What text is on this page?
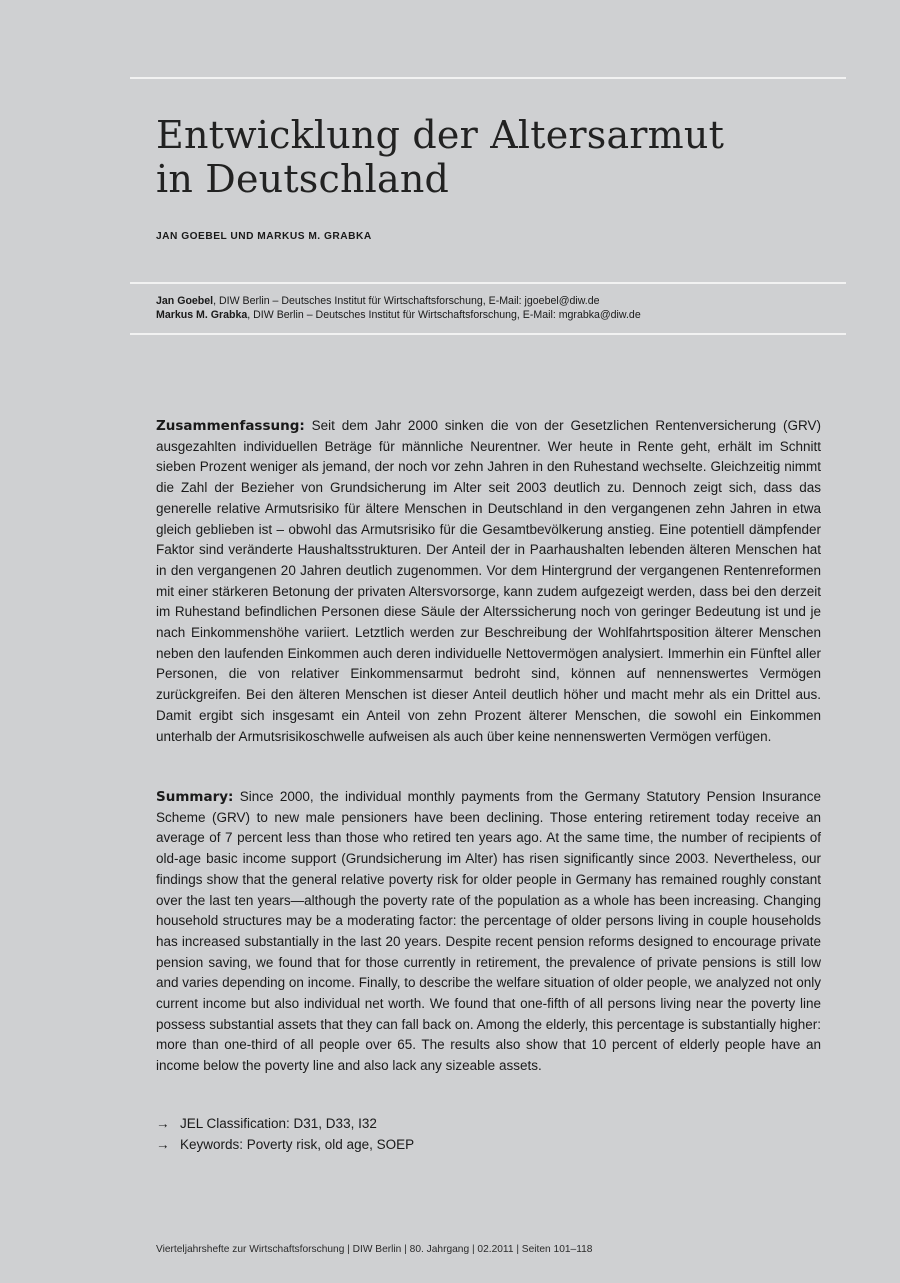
Entwicklung der Altersarmut
in Deutschland
JAN GOEBEL UND MARKUS M. GRABKA
Jan Goebel, DIW Berlin – Deutsches Institut für Wirtschaftsforschung, E-Mail: jgoebel@diw.de
Markus M. Grabka, DIW Berlin – Deutsches Institut für Wirtschaftsforschung, E-Mail: mgrabka@diw.de

Zusammenfassung: Seit dem Jahr 2000 sinken die von der Gesetzlichen Rentenversicherung (GRV) ausgezahlten individuellen Beträge für männliche Neurentner. Wer heute in Rente geht, erhält im Schnitt sieben Prozent weniger als jemand, der noch vor zehn Jahren in den Ruhestand wechselte. Gleichzeitig nimmt die Zahl der Bezieher von Grundsicherung im Alter seit 2003 deutlich zu. Dennoch zeigt sich, dass das generelle relative Armutsrisiko für ältere Menschen in Deutschland in den vergangenen zehn Jahren in etwa gleich geblieben ist – obwohl das Armutsrisiko für die Gesamtbevölkerung anstieg. Eine potentiell dämpfender Faktor sind veränderte Haushaltsstrukturen. Der Anteil der in Paarhaushalten lebenden älteren Menschen hat in den vergangenen 20 Jahren deutlich zugenommen. Vor dem Hintergrund der vergangenen Rentenreformen mit einer stärkeren Betonung der privaten Altersvorsorge, kann zudem aufgezeigt werden, dass bei den derzeit im Ruhestand befindlichen Personen diese Säule der Alterssicherung noch von geringer Bedeutung ist und je nach Einkommenshöhe variiert. Letztlich werden zur Beschreibung der Wohlfahrtsposition älterer Menschen neben den laufenden Einkommen auch deren individuelle Nettovermögen analysiert. Immerhin ein Fünftel aller Personen, die von relativer Einkommensarmut bedroht sind, können auf nennenswertes Vermögen zurückgreifen. Bei den älteren Menschen ist dieser Anteil deutlich höher und macht mehr als ein Drittel aus. Damit ergibt sich insgesamt ein Anteil von zehn Prozent älterer Menschen, die sowohl ein Einkommen unterhalb der Armutsrisikoschwelle aufweisen als auch über keine nennenswerten Vermögen verfügen.

Summary: Since 2000, the individual monthly payments from the Germany Statutory Pension Insurance Scheme (GRV) to new male pensioners have been declining. Those entering retirement today receive an average of 7 percent less than those who retired ten years ago. At the same time, the number of recipients of old-age basic income support (Grundsicherung im Alter) has risen significantly since 2003. Nevertheless, our findings show that the general relative poverty risk for older people in Germany has remained roughly constant over the last ten years—although the poverty rate of the population as a whole has been increasing. Changing household structures may be a moderating factor: the percentage of older persons living in couple households has increased substantially in the last 20 years. Despite recent pension reforms designed to encourage private pension saving, we found that for those currently in retirement, the prevalence of private pensions is still low and varies depending on income. Finally, to describe the welfare situation of older people, we analyzed not only current income but also individual net worth. We found that one-fifth of all persons living near the poverty line possess substantial assets that they can fall back on. Among the elderly, this percentage is substantially higher: more than one-third of all people over 65. The results also show that 10 percent of elderly people have an income below the poverty line and also lack any sizeable assets.

→ JEL Classification: D31, D33, I32
→ Keywords: Poverty risk, old age, SOEP
Vierteljahrshefte zur Wirtschaftsforschung | DIW Berlin | 80. Jahrgang | 02.2011 | Seiten 101–118
